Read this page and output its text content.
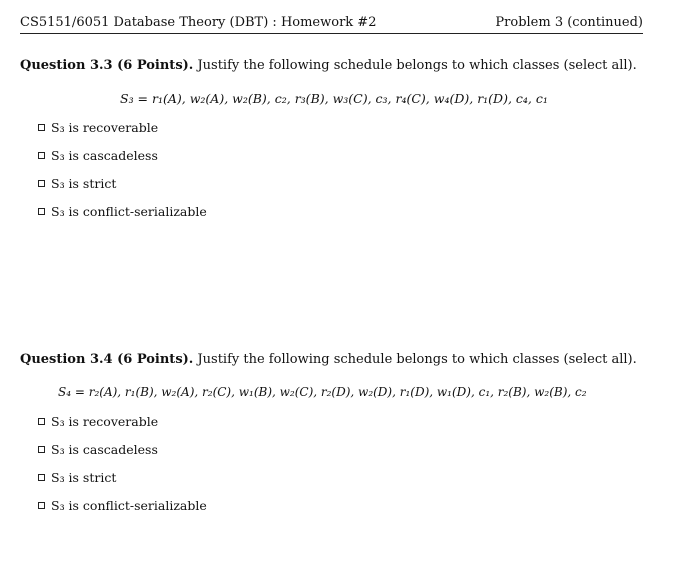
CS5151/6051 Database Theory (DBT) : Homework #2	Problem 3 (continued)
Question 3.3 (6 Points). Justify the following schedule belongs to which classes (select all).
S₃ = r₁(A), w₂(A), w₂(B), c₂, r₃(B), w₃(C), c₃, r₄(C), w₄(D), r₁(D), c₄, c₁
S₃ is recoverable
S₃ is cascadeless
S₃ is strict
S₃ is conflict-serializable
Question 3.4 (6 Points). Justify the following schedule belongs to which classes (select all).
S₄ = r₂(A), r₁(B), w₂(A), r₂(C), w₁(B), w₂(C), r₂(D), w₂(D), r₁(D), w₁(D), c₁, r₂(B), w₂(B), c₂
S₃ is recoverable
S₃ is cascadeless
S₃ is strict
S₃ is conflict-serializable
